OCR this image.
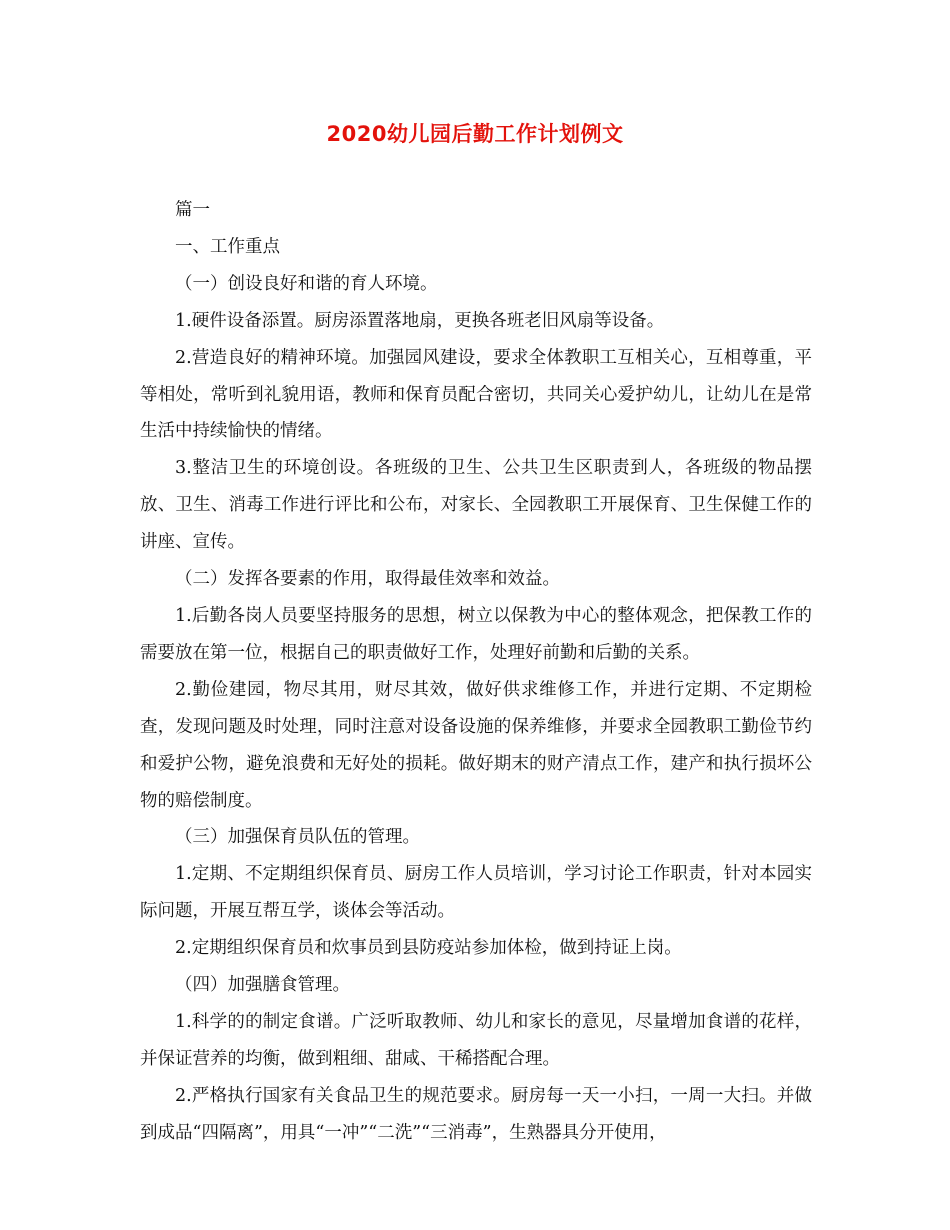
2020幼儿园后勤工作计划例文

篇一

一、工作重点

（一）创设良好和谐的育人环境。

1.硬件设备添置。厨房添置落地扇，更换各班老旧风扇等设备。

2.营造良好的精神环境。加强园风建设，要求全体教职工互相关心，互相尊重，平等相处，常听到礼貌用语，教师和保育员配合密切，共同关心爱护幼儿，让幼儿在是常生活中持续愉快的情绪。

3.整洁卫生的环境创设。各班级的卫生、公共卫生区职责到人，各班级的物品摆放、卫生、消毒工作进行评比和公布，对家长、全园教职工开展保育、卫生保健工作的讲座、宣传。

（二）发挥各要素的作用，取得最佳效率和效益。

1.后勤各岗人员要坚持服务的思想，树立以保教为中心的整体观念，把保教工作的需要放在第一位，根据自己的职责做好工作，处理好前勤和后勤的关系。

2.勤俭建园，物尽其用，财尽其效，做好供求维修工作，并进行定期、不定期检查，发现问题及时处理，同时注意对设备设施的保养维修，并要求全园教职工勤俭节约和爱护公物，避免浪费和无好处的损耗。做好期末的财产清点工作，建产和执行损坏公物的赔偿制度。

（三）加强保育员队伍的管理。

1.定期、不定期组织保育员、厨房工作人员培训，学习讨论工作职责，针对本园实际问题，开展互帮互学，谈体会等活动。

2.定期组织保育员和炊事员到县防疫站参加体检，做到持证上岗。

（四）加强膳食管理。

1.科学的的制定食谱。广泛听取教师、幼儿和家长的意见，尽量增加食谱的花样，并保证营养的均衡，做到粗细、甜咸、干稀搭配合理。

2.严格执行国家有关食品卫生的规范要求。厨房每一天一小扫，一周一大扫。并做到成品“四隔离”，用具“一冲”“二洗”“三消毒”，生熟器具分开使用，
